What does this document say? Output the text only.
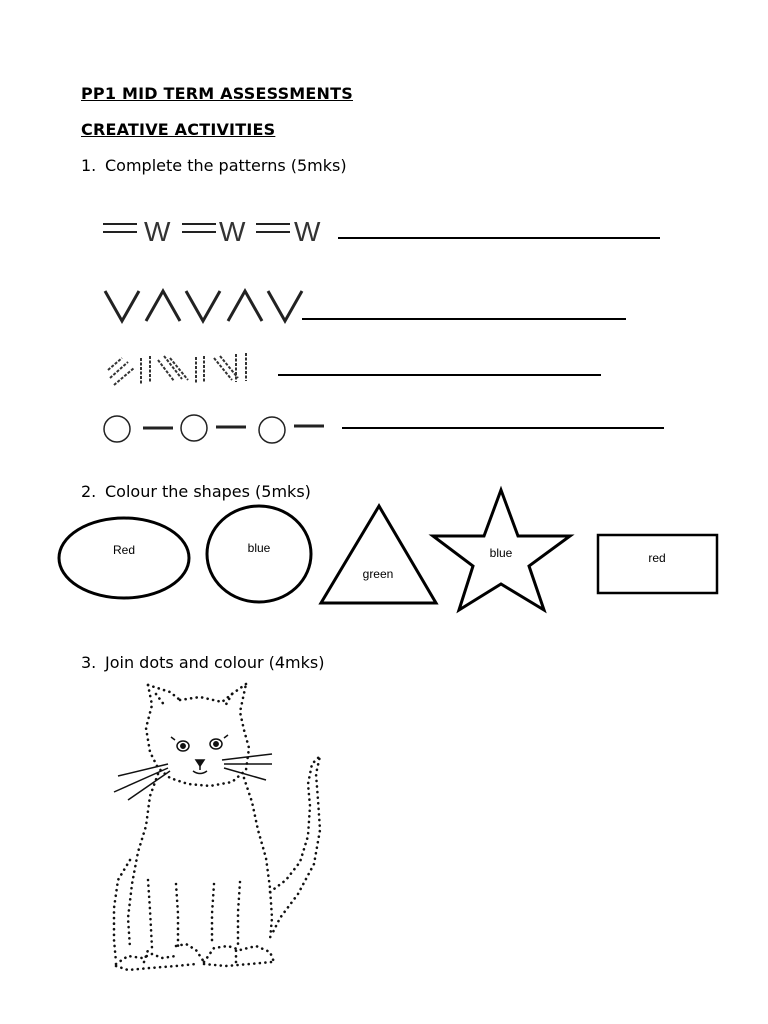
PP1 MID TERM ASSESSMENTS
CREATIVE ACTIVITIES
1. Complete the patterns (5mks)
2. Colour the shapes (5mks)
3. Join dots and colour (4mks)
W W W
Red	blue
green
blue	red
